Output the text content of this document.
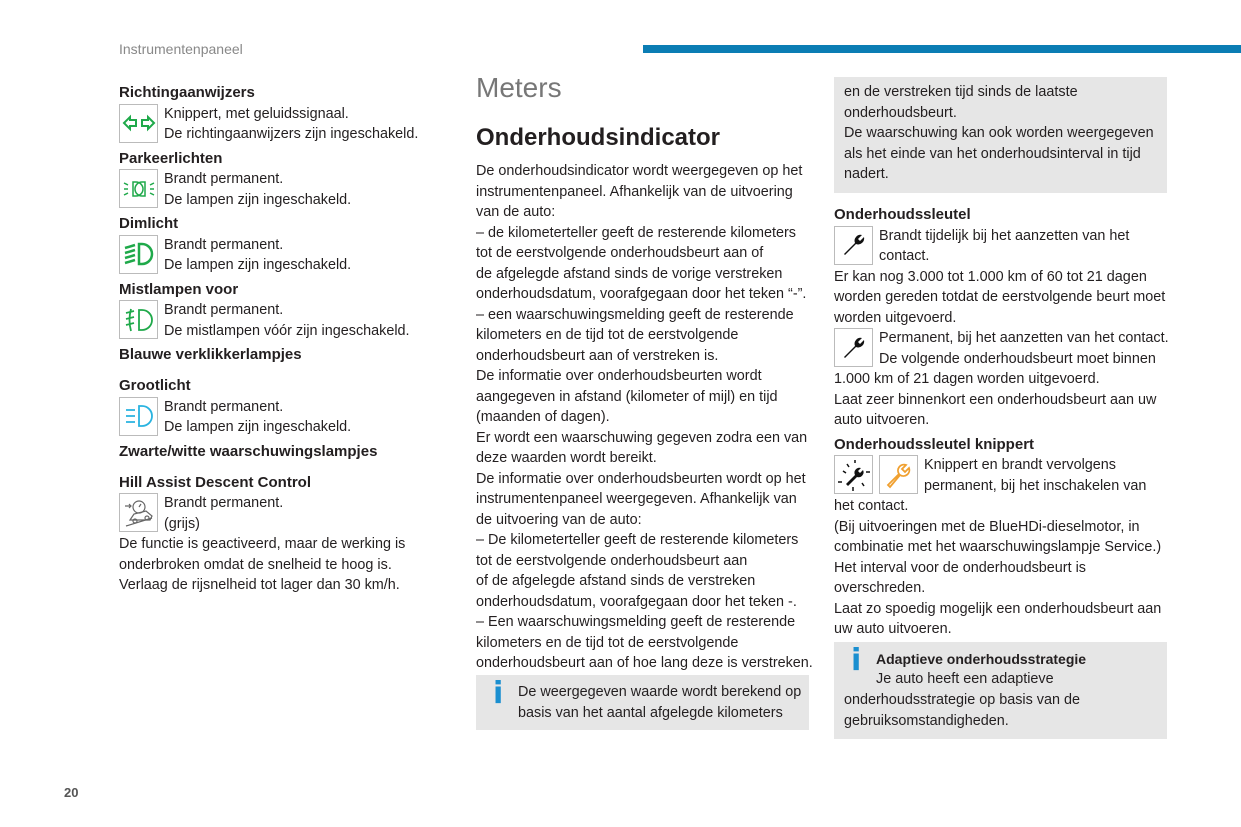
Instrumentenpaneel
20
Richtingaanwijzers
Knippert, met geluidssignaal.
De richtingaanwijzers zijn ingeschakeld.
Parkeerlichten
Brandt permanent.
De lampen zijn ingeschakeld.
Dimlicht
Brandt permanent.
De lampen zijn ingeschakeld.
Mistlampen voor
Brandt permanent.
De mistlampen vóór zijn ingeschakeld.
Blauwe verklikkerlampjes
Grootlicht
Brandt permanent.
De lampen zijn ingeschakeld.
Zwarte/witte waarschuwingslampjes
Hill Assist Descent Control
Brandt permanent.
(grijs)
De functie is geactiveerd, maar de werking is
onderbroken omdat de snelheid te hoog is.
Verlaag de rijsnelheid tot lager dan 30 km/h.
Meters
Onderhoudsindicator
De onderhoudsindicator wordt weergegeven op het
instrumentenpaneel. Afhankelijk van de uitvoering
van de auto:
– de kilometerteller geeft de resterende kilometers
tot de eerstvolgende onderhoudsbeurt aan of
de afgelegde afstand sinds de vorige verstreken
onderhoudsdatum, voorafgegaan door het teken “-”.
– een waarschuwingsmelding geeft de resterende
kilometers en de tijd tot de eerstvolgende
onderhoudsbeurt aan of verstreken is.
De informatie over onderhoudsbeurten wordt
aangegeven in afstand (kilometer of mijl) en tijd
(maanden of dagen).
Er wordt een waarschuwing gegeven zodra een van
deze waarden wordt bereikt.
De informatie over onderhoudsbeurten wordt op het
instrumentenpaneel weergegeven. Afhankelijk van
de uitvoering van de auto:
– De kilometerteller geeft de resterende kilometers
tot de eerstvolgende onderhoudsbeurt aan
of de afgelegde afstand sinds de verstreken
onderhoudsdatum, voorafgegaan door het teken -.
– Een waarschuwingsmelding geeft de resterende
kilometers en de tijd tot de eerstvolgende
onderhoudsbeurt aan of hoe lang deze is verstreken.
i De weergegeven waarde wordt berekend op
basis van het aantal afgelegde kilometers
en de verstreken tijd sinds de laatste
onderhoudsbeurt.
De waarschuwing kan ook worden weergegeven
als het einde van het onderhoudsinterval in tijd
nadert.
Onderhoudssleutel
Brandt tijdelijk bij het aanzetten van het
contact.
Er kan nog 3.000 tot 1.000 km of 60 tot 21 dagen
worden gereden totdat de eerstvolgende beurt moet
worden uitgevoerd.
Permanent, bij het aanzetten van het contact.
De volgende onderhoudsbeurt moet binnen
1.000 km of 21 dagen worden uitgevoerd.
Laat zeer binnenkort een onderhoudsbeurt aan uw
auto uitvoeren.
Onderhoudssleutel knippert
Knippert en brandt vervolgens
permanent, bij het inschakelen van
het contact.
(Bij uitvoeringen met de BlueHDi-dieselmotor, in
combinatie met het waarschuwingslampje Service.)
Het interval voor de onderhoudsbeurt is
overschreden.
Laat zo spoedig mogelijk een onderhoudsbeurt aan
uw auto uitvoeren.
i Adaptieve onderhoudsstrategie
Je auto heeft een adaptieve
onderhoudsstrategie op basis van de
gebruiksomstandigheden.
